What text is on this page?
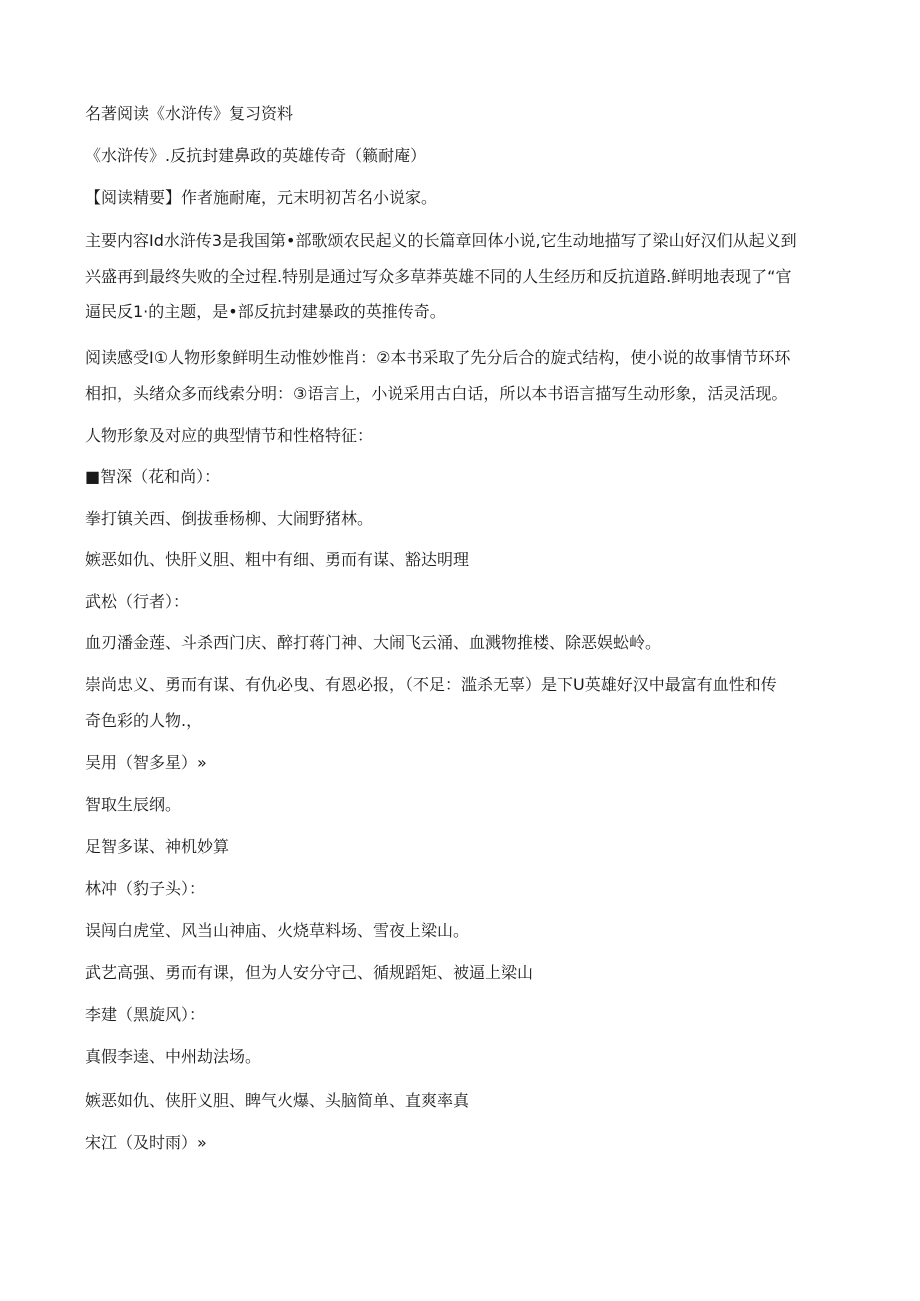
名著阅读《水浒传》复习资料
《水浒传》.反抗封建鼻政的英雄传奇（籁耐庵）
【阅读精要】作者施耐庵，元末明初苫名小说家。
主要内容Id水浒传3是我国第•部歌颂农民起义的长篇章回体小说,它生动地描写了梁山好汉们从起义到
兴盛再到最终失败的全过程.特别是通过写众多草莽英雄不同的人生经历和反抗道路.鲜明地表现了“官
逼民反1·的主题，是•部反抗封建暴政的英推传奇。
阅读感受I①人物形象鲜明生动惟妙惟肖：②本书采取了先分后合的旋式结构，使小说的故事情节环环
相扣，头绪众多而线索分明：③语言上，小说采用古白话，所以本书语言描写生动形象，活灵活现。
人物形象及对应的典型情节和性格特征：
■智深（花和尚）：
拳打镇关西、倒拔垂杨柳、大闹野猪林。
嫉恶如仇、快肝义胆、粗中有细、勇而有谋、豁达明理
武松（行者）：
血刃潘金莲、斗杀西门庆、醉打蒋门神、大闹飞云涌、血溅物推楼、除恶娱蚣岭。
崇尚忠义、勇而有谋、有仇必曳、有恩必报，（不足：滥杀无辜）是下U英雄好汉中最富有血性和传
奇色彩的人物.，
吴用（智多星）»
智取生辰纲。
足智多谋、神机妙算
林冲（豹子头）：
误闯白虎堂、风当山神庙、火烧草料场、雪夜上梁山。
武艺高强、勇而有课，但为人安分守己、循规蹈矩、被逼上梁山
李建（黑旋风）：
真假李逵、中州劫法场。
嫉恶如仇、侠肝义胆、睥气火爆、头脑简单、直爽率真
宋江（及时雨）»
